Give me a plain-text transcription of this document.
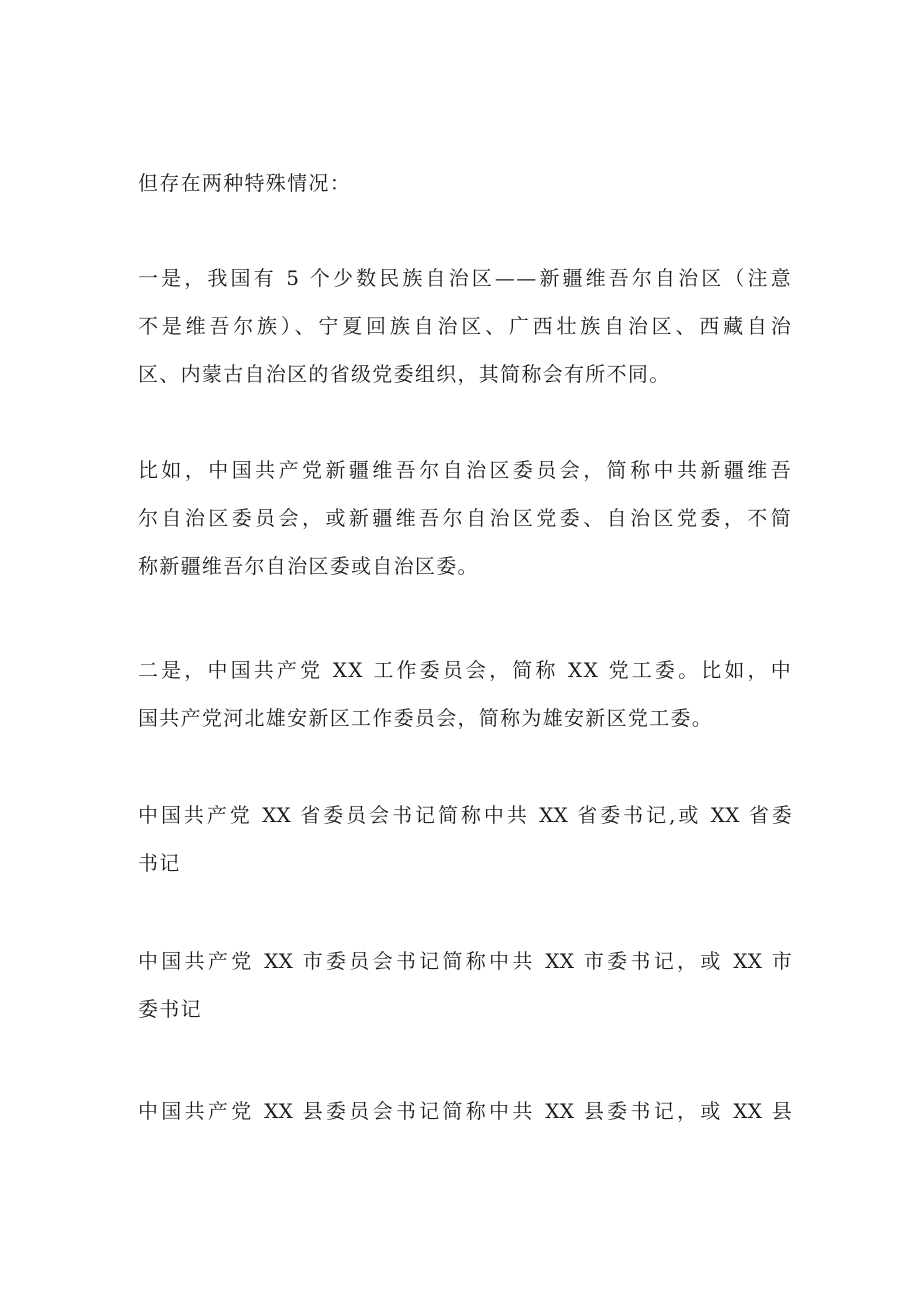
但存在两种特殊情况：

一是，我国有 5 个少数民族自治区——新疆维吾尔自治区（注意
不是维吾尔族）、宁夏回族自治区、广西壮族自治区、西藏自治
区、内蒙古自治区的省级党委组织，其简称会有所不同。

比如，中国共产党新疆维吾尔自治区委员会，简称中共新疆维吾
尔自治区委员会，或新疆维吾尔自治区党委、自治区党委，不简
称新疆维吾尔自治区委或自治区委。

二是，中国共产党 XX 工作委员会，简称 XX 党工委。比如，中
国共产党河北雄安新区工作委员会，简称为雄安新区党工委。

中国共产党 XX 省委员会书记简称中共 XX 省委书记,或 XX 省委
书记

中国共产党 XX 市委员会书记简称中共 XX 市委书记，或 XX 市
委书记

中国共产党 XX 县委员会书记简称中共 XX 县委书记，或 XX 县
